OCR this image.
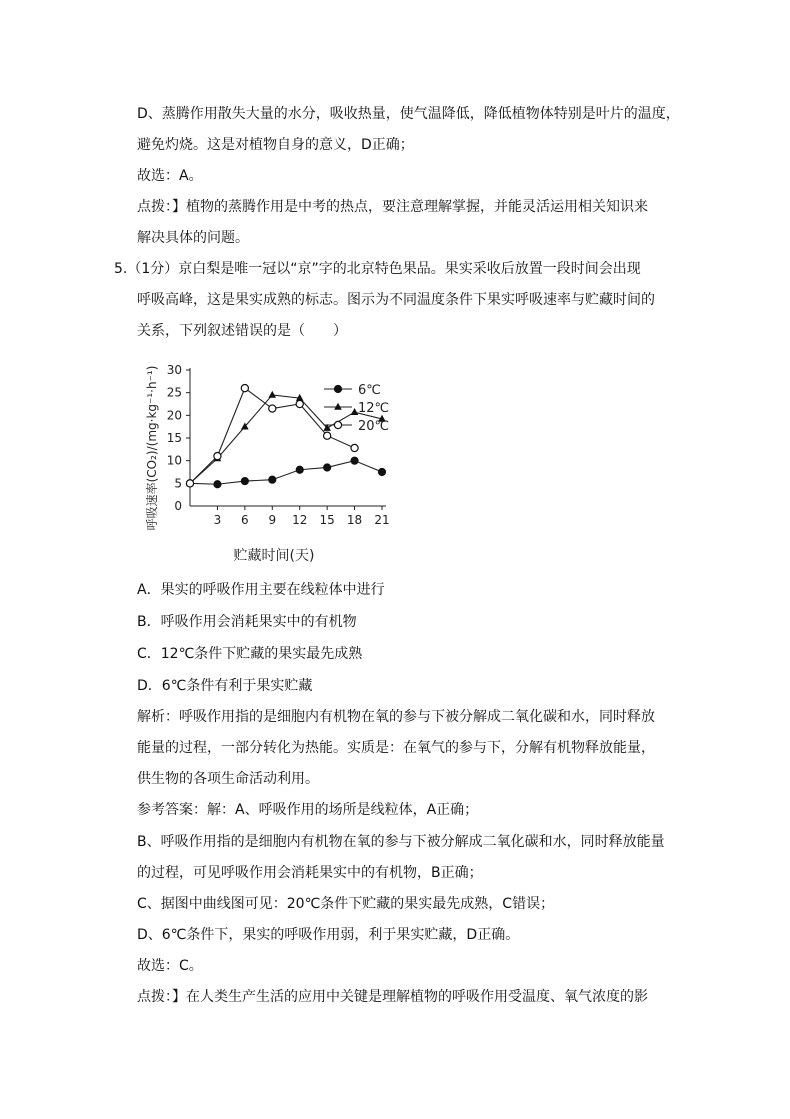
D、蒸腾作用散失大量的水分，吸收热量，使气温降低，降低植物体特别是叶片的温度，
避免灼烧。这是对植物自身的意义，D正确；
故选：A。
点拨：】植物的蒸腾作用是中考的热点，要注意理解掌握，并能灵活运用相关知识来
解决具体的问题。
5.（1分）京白梨是唯一冠以“京”字的北京特色果品。果实采收后放置一段时间会出现
呼吸高峰，这是果实成熟的标志。图示为不同温度条件下果实呼吸速率与贮藏时间的
关系，下列叙述错误的是（　　）
A．果实的呼吸作用主要在线粒体中进行
B．呼吸作用会消耗果实中的有机物
C．12℃条件下贮藏的果实最先成熟
D．6℃条件有利于果实贮藏
解析：呼吸作用指的是细胞内有机物在氧的参与下被分解成二氧化碳和水，同时释放
能量的过程，一部分转化为热能。实质是：在氧气的参与下，分解有机物释放能量，
供生物的各项生命活动利用。
参考答案：解：A、呼吸作用的场所是线粒体，A正确；
B、呼吸作用指的是细胞内有机物在氧的参与下被分解成二氧化碳和水，同时释放能量
的过程，可见呼吸作用会消耗果实中的有机物，B正确；
C、据图中曲线图可见：20℃条件下贮藏的果实最先成熟，C错误；
D、6℃条件下，果实的呼吸作用弱，利于果实贮藏，D正确。
故选：C。
点拨：】在人类生产生活的应用中关键是理解植物的呼吸作用受温度、氧气浓度的影
5
10
15
20
25
30
0
3 6 9 12 15 18 21
6℃
12℃
20℃
贮藏时间(天)
呼吸速率(CO₂)/(mg·kg⁻¹·h⁻¹)
